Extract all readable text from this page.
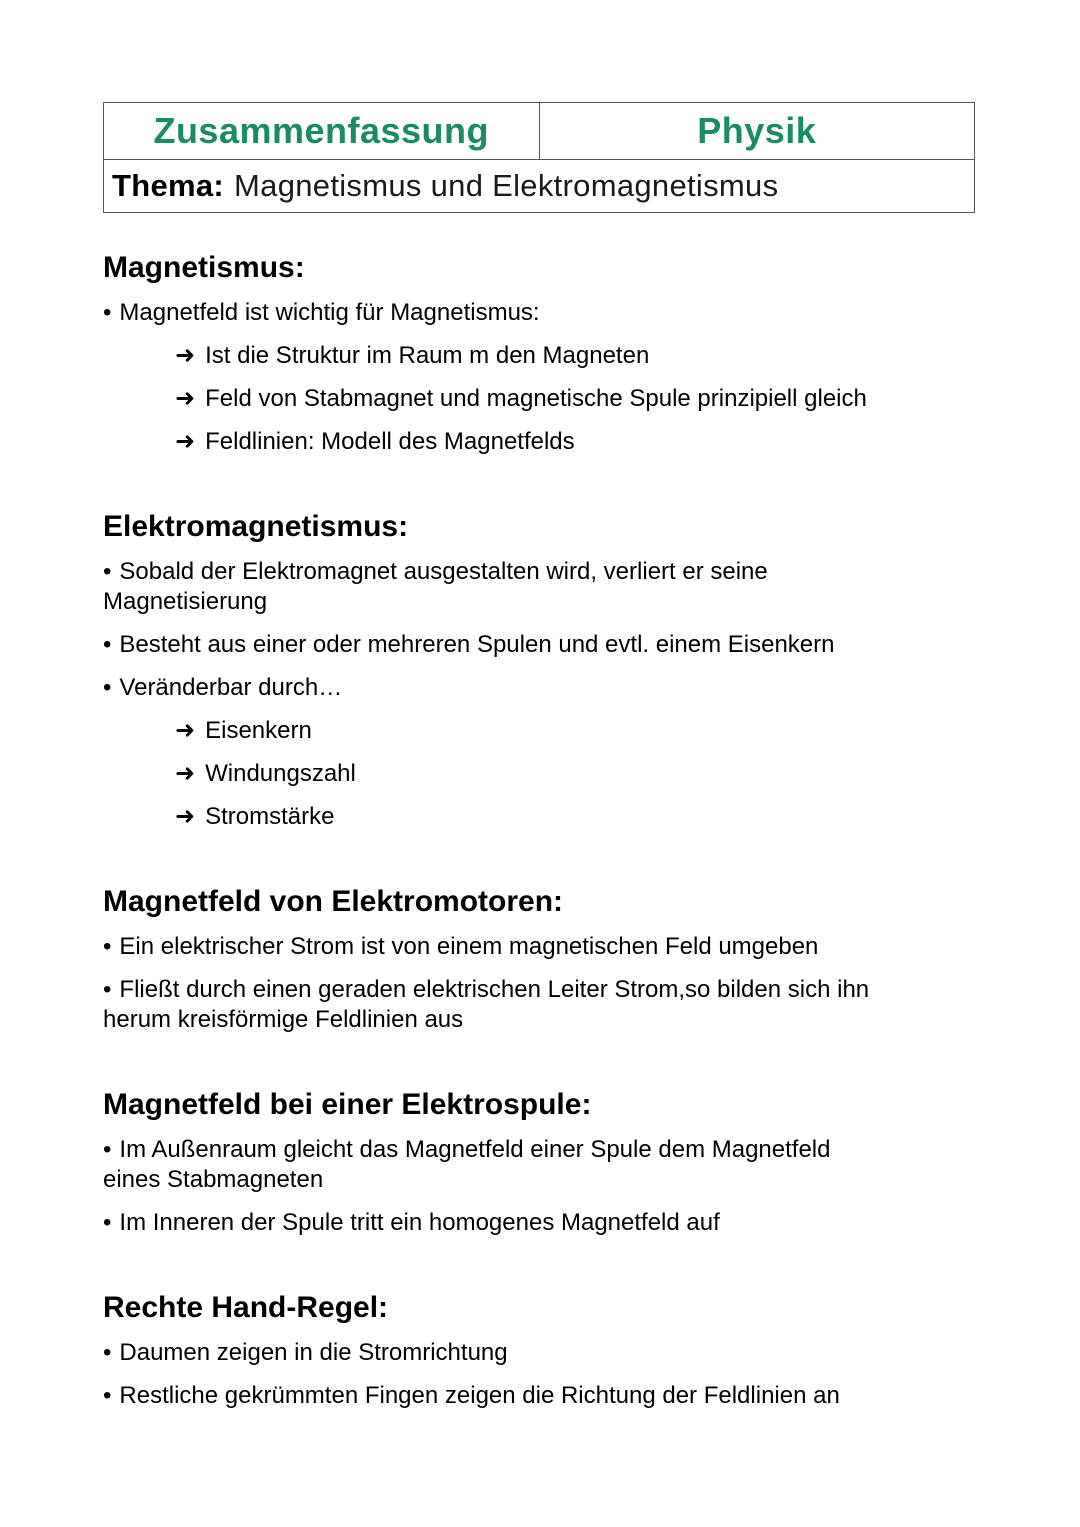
Zusammenfassung	Physik
Thema: Magnetismus und Elektromagnetismus
Magnetismus:
• Magnetfeld ist wichtig für Magnetismus:
➜ Ist die Struktur im Raum m den Magneten
➜ Feld von Stabmagnet und magnetische Spule prinzipiell gleich
➜ Feldlinien: Modell des Magnetfelds
Elektromagnetismus:
• Sobald der Elektromagnet ausgestalten wird, verliert er seine
Magnetisierung
• Besteht aus einer oder mehreren Spulen und evtl. einem Eisenkern
• Veränderbar durch…
➜ Eisenkern
➜ Windungszahl
➜ Stromstärke
Magnetfeld von Elektromotoren:
• Ein elektrischer Strom ist von einem magnetischen Feld umgeben
• Fließt durch einen geraden elektrischen Leiter Strom,so bilden sich ihn
herum kreisförmige Feldlinien aus
Magnetfeld bei einer Elektrospule:
• Im Außenraum gleicht das Magnetfeld einer Spule dem Magnetfeld
eines Stabmagneten
• Im Inneren der Spule tritt ein homogenes Magnetfeld auf
Rechte Hand-Regel:
• Daumen zeigen in die Stromrichtung
• Restliche gekrümmten Fingen zeigen die Richtung der Feldlinien an
